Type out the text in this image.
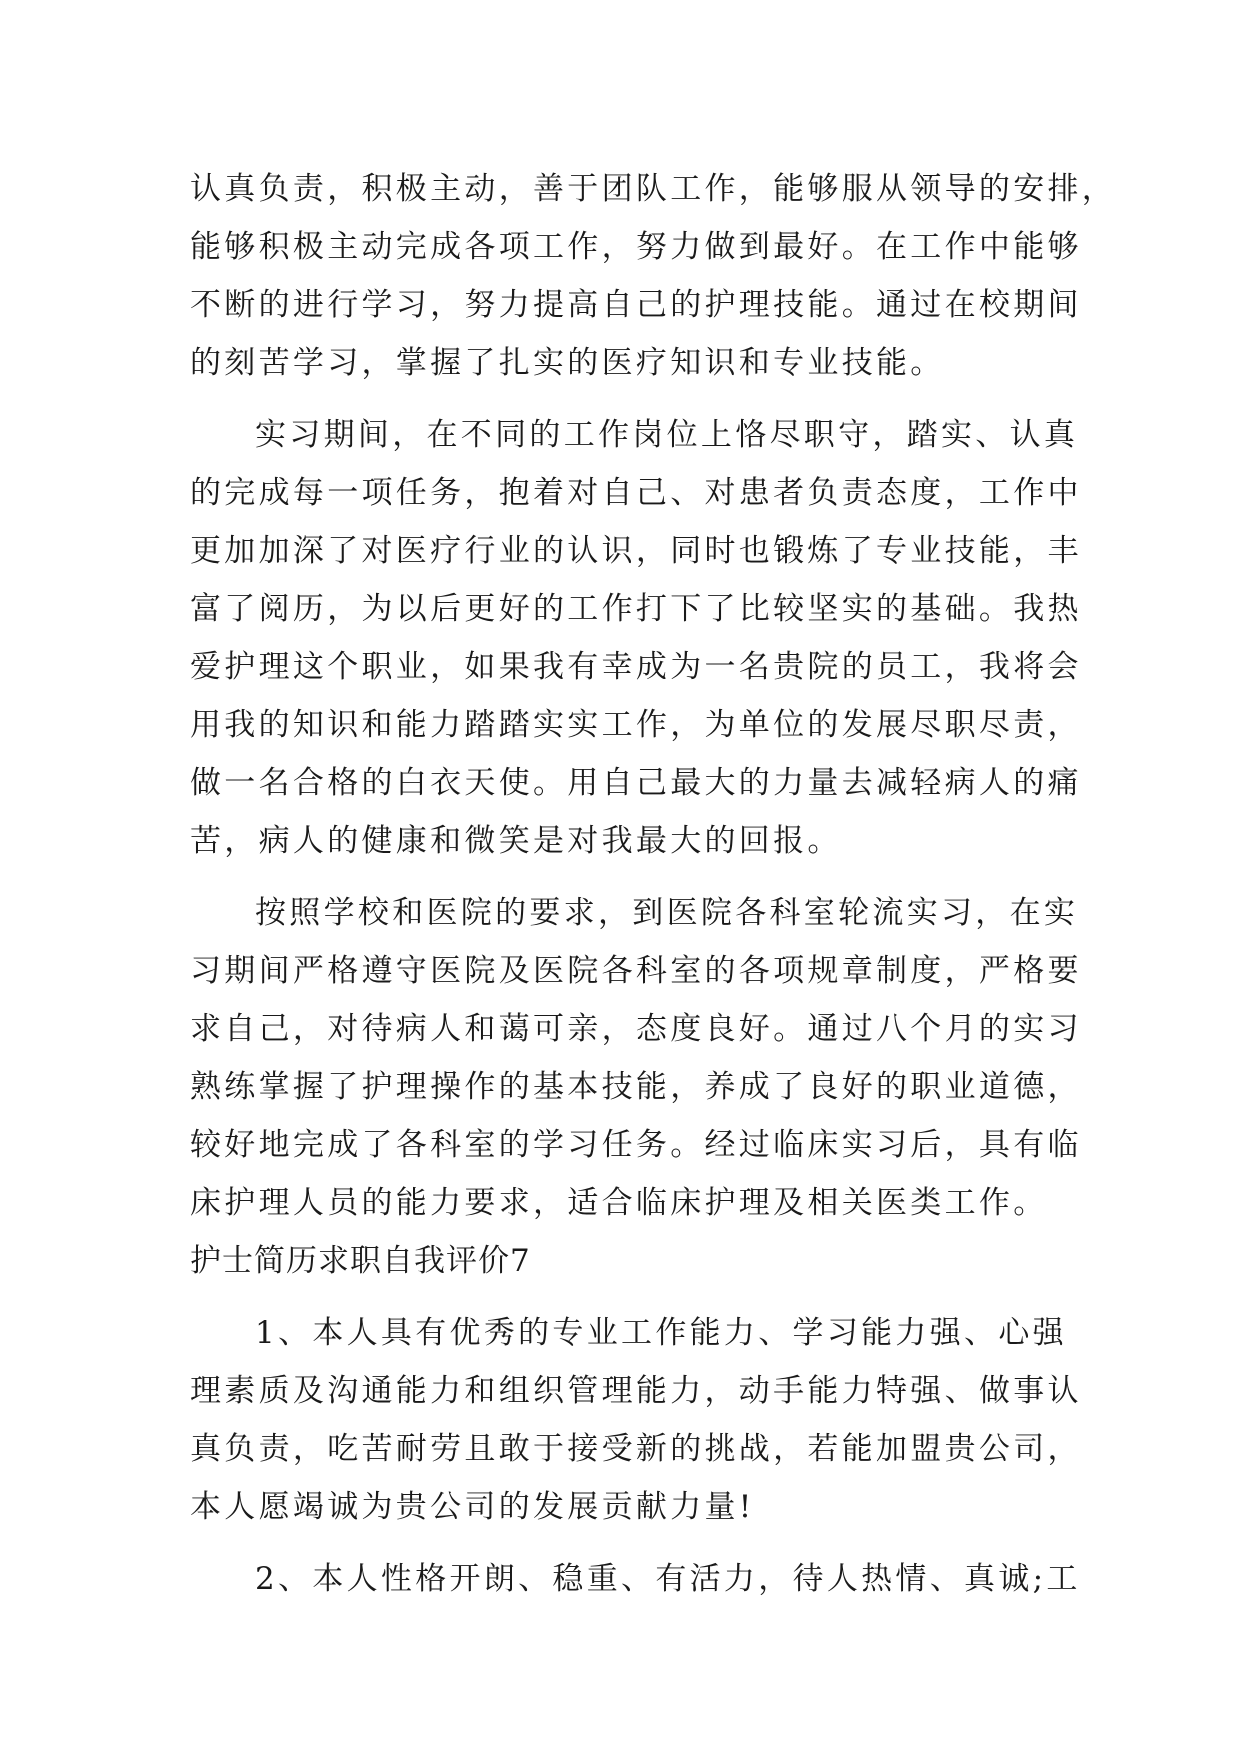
认真负责，积极主动，善于团队工作，能够服从领导的安排，
能够积极主动完成各项工作，努力做到最好。在工作中能够
不断的进行学习，努力提高自己的护理技能。通过在校期间
的刻苦学习，掌握了扎实的医疗知识和专业技能。
实习期间，在不同的工作岗位上恪尽职守，踏实、认真
的完成每一项任务，抱着对自己、对患者负责态度，工作中
更加加深了对医疗行业的认识，同时也锻炼了专业技能，丰
富了阅历，为以后更好的工作打下了比较坚实的基础。我热
爱护理这个职业，如果我有幸成为一名贵院的员工，我将会
用我的知识和能力踏踏实实工作，为单位的发展尽职尽责，
做一名合格的白衣天使。用自己最大的力量去减轻病人的痛
苦，病人的健康和微笑是对我最大的回报。
按照学校和医院的要求，到医院各科室轮流实习，在实
习期间严格遵守医院及医院各科室的各项规章制度，严格要
求自己，对待病人和蔼可亲，态度良好。通过八个月的实习
熟练掌握了护理操作的基本技能，养成了良好的职业道德，
较好地完成了各科室的学习任务。经过临床实习后，具有临
床护理人员的能力要求，适合临床护理及相关医类工作。
护士简历求职自我评价7
1、本人具有优秀的专业工作能力、学习能力强、心强
理素质及沟通能力和组织管理能力，动手能力特强、做事认
真负责，吃苦耐劳且敢于接受新的挑战，若能加盟贵公司，
本人愿竭诚为贵公司的发展贡献力量!
2、本人性格开朗、稳重、有活力，待人热情、真诚;工
